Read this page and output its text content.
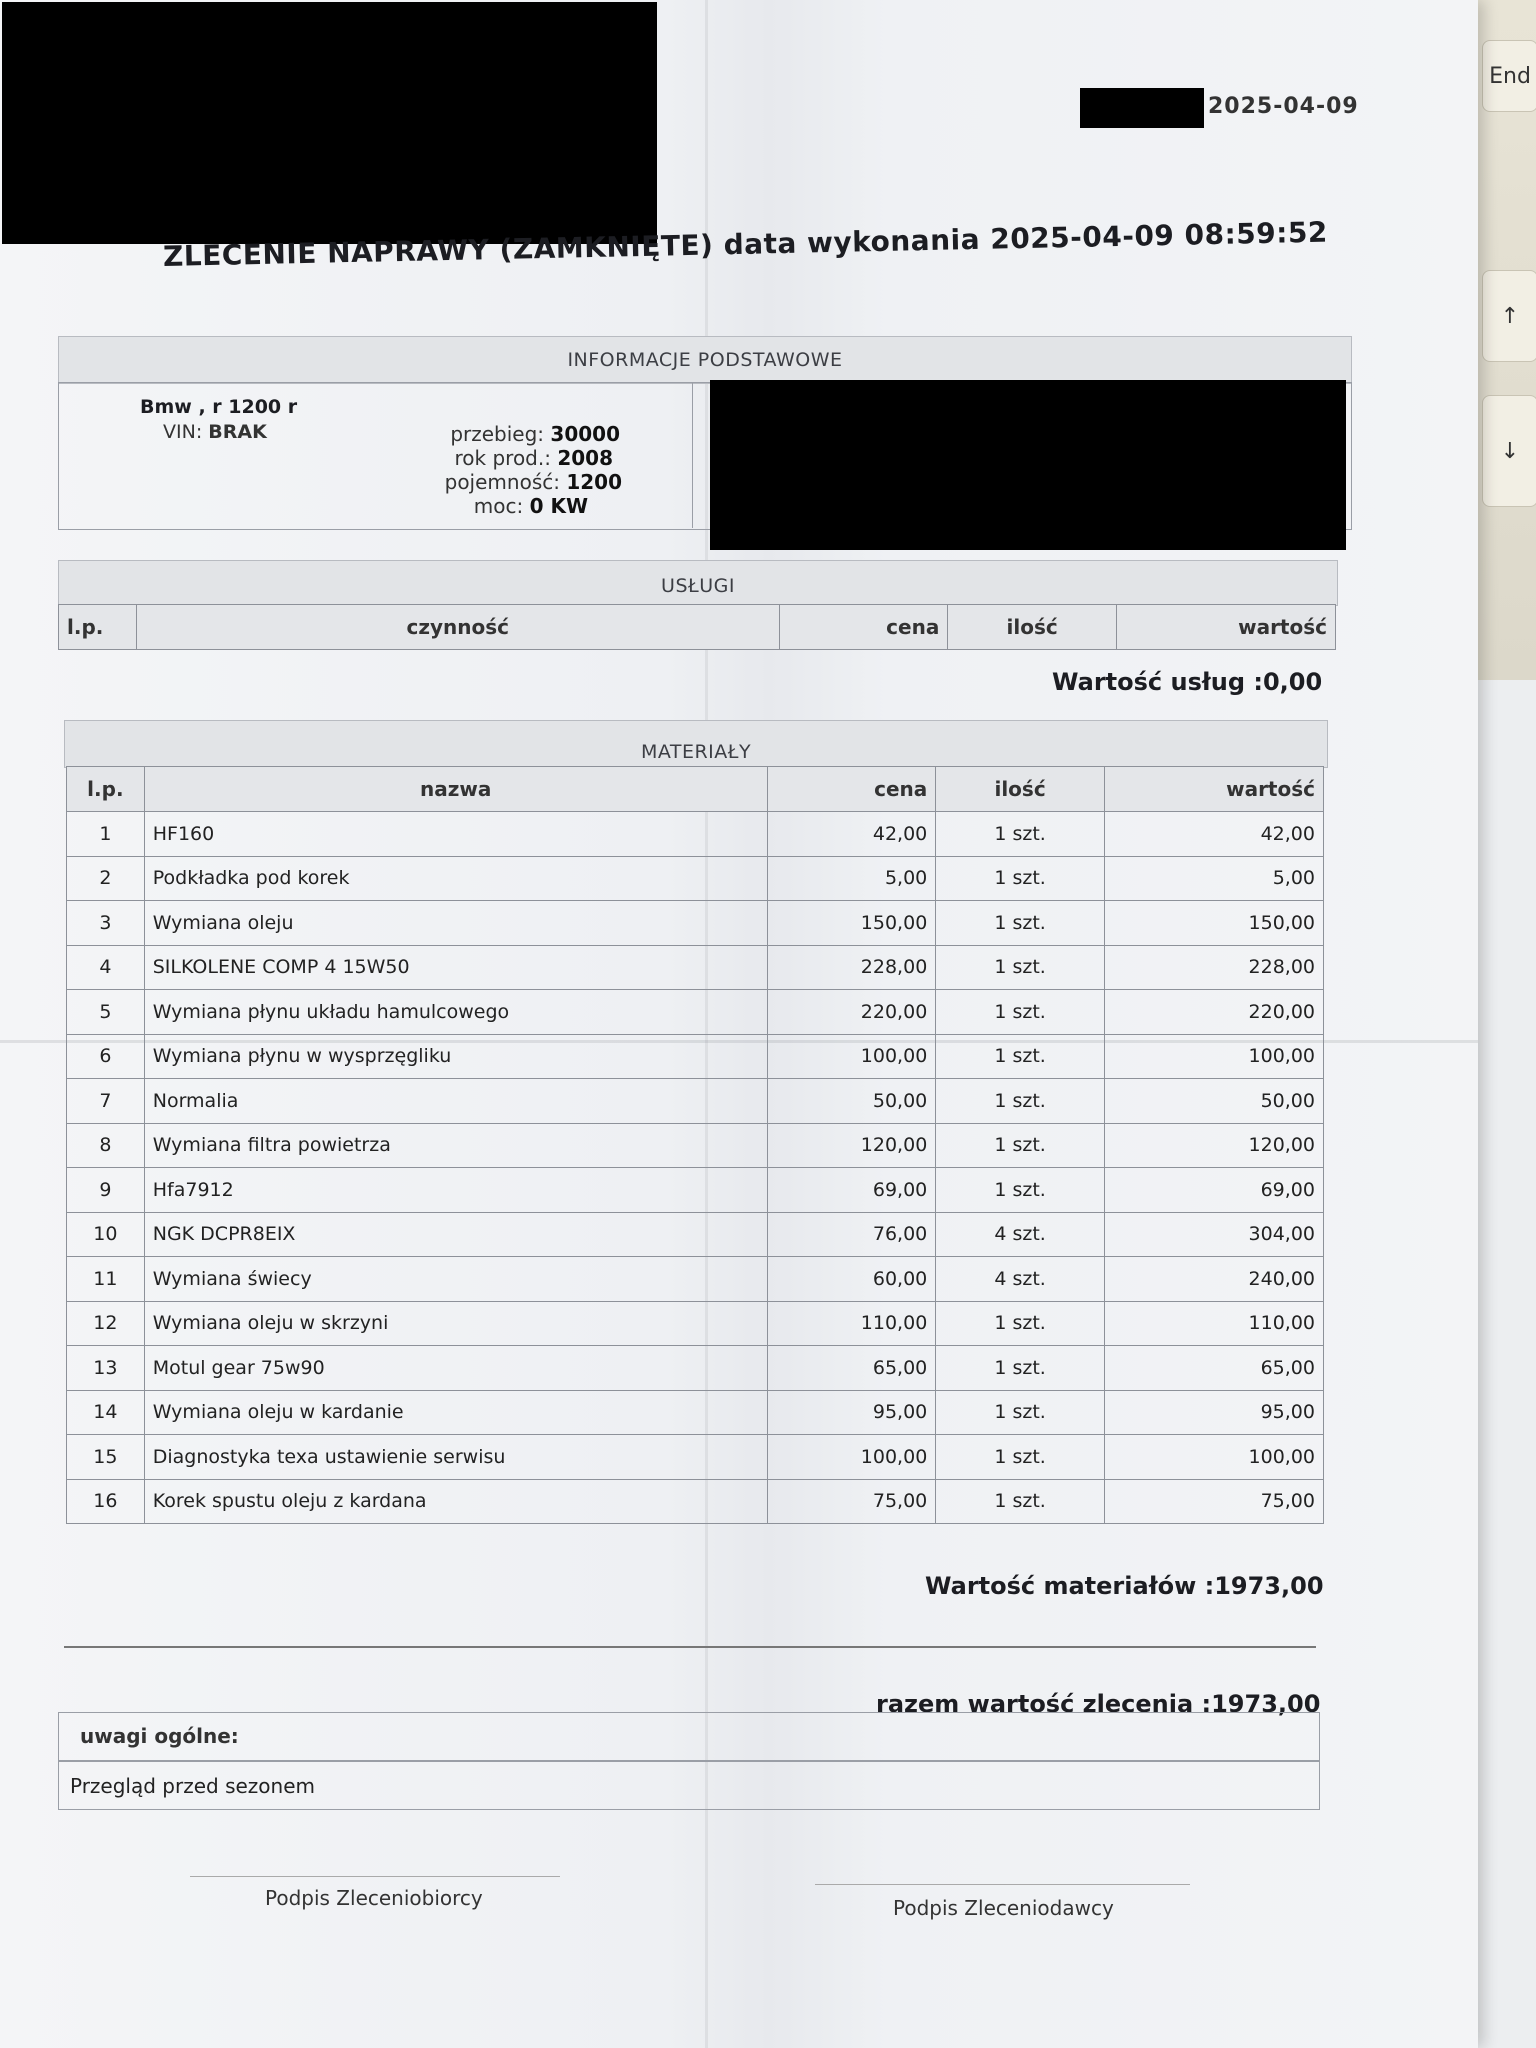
End
↑
↓
2025-04-09
ZLECENIE NAPRAWY (ZAMKNIĘTE) data wykonania 2025-04-09 08:59:52
INFORMACJE PODSTAWOWE
Bmw , r 1200 r
VIN: BRAK	przebieg: 30000
rok prod.: 2008
pojemność: 1200
moc: 0 KW
USŁUGI
l.p.	czynność	cena	ilość	wartość
Wartość usług :0,00
MATERIAŁY
l.p.	nazwa	cena	ilość	wartość
1	HF160	42,00	1 szt.	42,00
2	Podkładka pod korek	5,00	1 szt.	5,00
3	Wymiana oleju	150,00	1 szt.	150,00
4	SILKOLENE COMP 4 15W50	228,00	1 szt.	228,00
5	Wymiana płynu układu hamulcowego	220,00	1 szt.	220,00
6	Wymiana płynu w wysprzęgliku	100,00	1 szt.	100,00
7	Normalia	50,00	1 szt.	50,00
8	Wymiana filtra powietrza	120,00	1 szt.	120,00
9	Hfa7912	69,00	1 szt.	69,00
10	NGK DCPR8EIX	76,00	4 szt.	304,00
11	Wymiana świecy	60,00	4 szt.	240,00
12	Wymiana oleju w skrzyni	110,00	1 szt.	110,00
13	Motul gear 75w90	65,00	1 szt.	65,00
14	Wymiana oleju w kardanie	95,00	1 szt.	95,00
15	Diagnostyka texa ustawienie serwisu	100,00	1 szt.	100,00
16	Korek spustu oleju z kardana	75,00	1 szt.	75,00
Wartość materiałów :1973,00
razem wartość zlecenia :1973,00
uwagi ogólne:
Przegląd przed sezonem
Podpis Zleceniobiorcy	Podpis Zleceniodawcy
